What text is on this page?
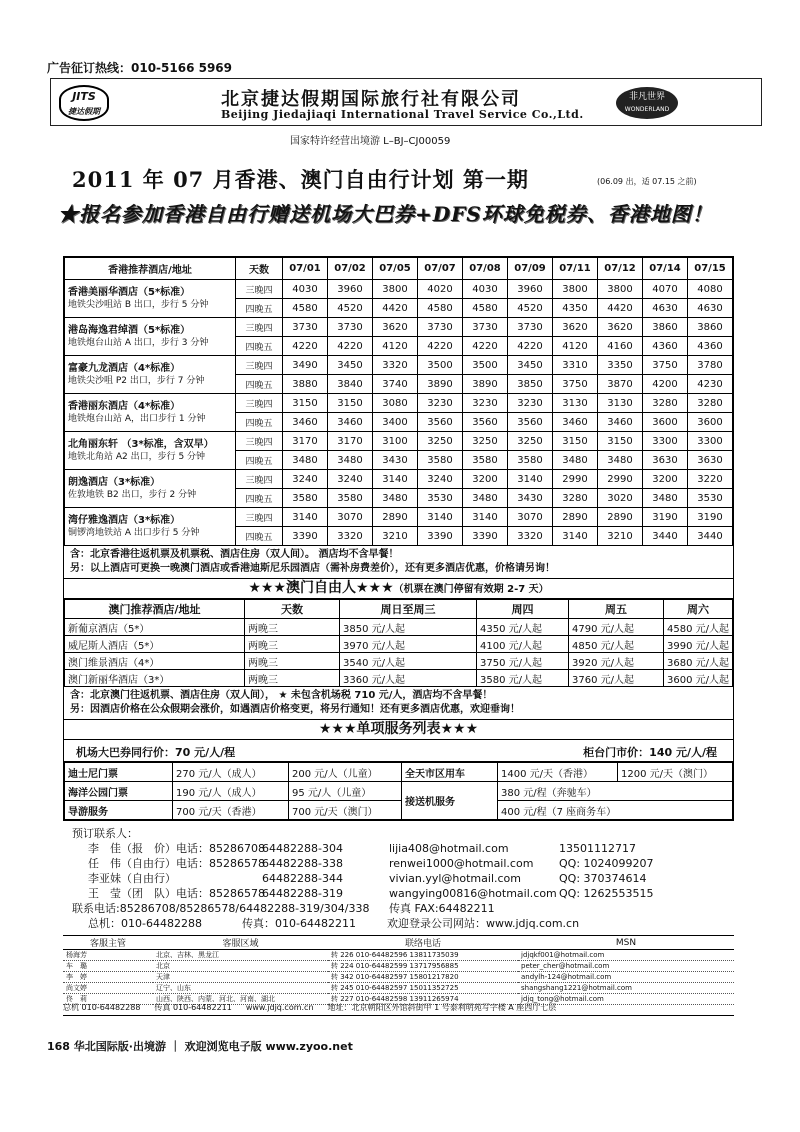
广告征订热线：010-5166 5969
JITS
捷达假期
北京捷达假期国际旅行社有限公司
Beijing Jiedajiaqi International Travel Service Co.,Ltd.
非凡世界
WONDERLAND
国家特许经营出境游 L–BJ–CJ00059
2011 年 07 月香港、澳门自由行计划 第一期	(06.09 出，适 07.15 之前)
★报名参加香港自由行赠送机场大巴券+DFS环球免税券、香港地图！
香港推荐酒店/地址	天数	07/01	07/02	07/05	07/07	07/08	07/09	07/11	07/12	07/14	07/15

香港美丽华酒店（5*标准）
地铁尖沙咀站 B 出口，步行 5 分钟	三晚四	4030	3960	3800	4020	4030	3960	3800	3800	4070	4080
	四晚五	4580	4520	4420	4580	4580	4520	4350	4420	4630	4630

港岛海逸君绰酒（5*标准）
地铁炮台山站 A 出口，步行 3 分钟	三晚四	3730	3730	3620	3730	3730	3730	3620	3620	3860	3860
	四晚五	4220	4220	4120	4220	4220	4220	4120	4160	4360	4360

富豪九龙酒店（4*标准）
地铁尖沙咀 P2 出口，步行 7 分钟	三晚四	3490	3450	3320	3500	3500	3450	3310	3350	3750	3780
	四晚五	3880	3840	3740	3890	3890	3850	3750	3870	4200	4230

香港丽东酒店（4*标准）
地铁炮台山站 A，出口步行 1 分钟	三晚四	3150	3150	3080	3230	3230	3230	3130	3130	3280	3280
	四晚五	3460	3460	3400	3560	3560	3560	3460	3460	3600	3600

北角丽东轩 （3*标准，含双早）
地铁北角站 A2 出口，步行 5 分钟	三晚四	3170	3170	3100	3250	3250	3250	3150	3150	3300	3300
	四晚五	3480	3480	3430	3580	3580	3580	3480	3480	3630	3630

朗逸酒店（3*标准）
佐敦地铁 B2 出口，步行 2 分钟	三晚四	3240	3240	3140	3240	3200	3140	2990	2990	3200	3220
	四晚五	3580	3580	3480	3530	3480	3430	3280	3020	3480	3530

湾仔雅逸酒店（3*标准）
铜锣湾地铁站 A 出口步行 5 分钟	三晚四	3140	3070	2890	3140	3140	3070	2890	2890	3190	3190
	四晚五	3390	3320	3210	3390	3390	3320	3140	3210	3440	3440
含：北京香港往返机票及机票税、酒店住房（双人间）。 酒店均不含早餐！
另：以上酒店可更换一晚澳门酒店或香港迪斯尼乐园酒店（需补房费差价），还有更多酒店优惠，价格请另询！
★★★澳门自由人★★★（机票在澳门停留有效期 2-7 天）
澳门推荐酒店/地址	天数	周日至周三	周四	周五	周六
新葡京酒店（5*）	两晚三	3850 元/人起	4350 元/人起	4790 元/人起	4580 元/人起
威尼斯人酒店（5*）	两晚三	3970 元/人起	4100 元/人起	4850 元/人起	3990 元/人起
澳门维景酒店（4*）	两晚三	3540 元/人起	3750 元/人起	3920 元/人起	3680 元/人起
澳门新丽华酒店（3*）	两晚三	3360 元/人起	3580 元/人起	3760 元/人起	3600 元/人起
含：北京澳门往返机票、酒店住房（双人间）， ★ 未包含机场税 710 元/人，酒店均不含早餐！
另：因酒店价格在公众假期会涨价，如遇酒店价格变更，将另行通知！还有更多酒店优惠，欢迎垂询！
★★★单项服务列表★★★
机场大巴券同行价：70 元/人/程	柜台门市价：140 元/人/程
迪士尼门票	270 元/人（成人）	200 元/人（儿童）	全天市区用车	1400 元/天（香港）	1200 元/天（澳门）
海洋公园门票	190 元/人（成人）	95 元/人（儿童）	接送机服务	380 元/程（奔驰车）	
导游服务	700 元/天（香港）	700 元/天（澳门）		400 元/程（7 座商务车）	
预订联系人：
李　佳（报　价）电话：8528670864482288-304	lijia408@hotmail.com	13501112717
任　伟（自由行）电话：8528657864482288-338	renwei1000@hotmail.com QQ: 1024099207
李亚妹（自由行）	64482288-344	vivian.yyl@hotmail.com	QQ: 370374614
王　莹（团　队）电话：8528657864482288-319	wangying00816@hotmail.com QQ: 1262553515
联系电话:85286708/85286578/64482288-319/304/338 传真 FAX:64482211
总机：010-64482288	传真：010-64482211	欢迎登录公司网站：www.jdjq.com.cn
客服主管	客服区域	联络电话	MSN
杨海芳	北京、吉林、黑龙江	转 226 010-64482596 13811735039	jdjqkf001@hotmail.com
车　璐	北京	转 224 010-64482599 13717956885	peter_cher@hotmail.com
李　婷	天津	转 342 010-64482597 15801217820	andylh-124@hotmail.com
尚文婷	辽宁、山东	转 245 010-64482597 15011352725	shangshang1221@hotmail.com
佟　莉	山西、陕西、内蒙、河北、河南、湖北	转 227 010-64482598 13911265974	jdjq_tong@hotmail.com
总机 010-64482288 传真 010-64482211 www.jdjq.com.cn 地址：北京朝阳区外馆斜街甲 1 号泰利明苑写字楼 A 座西厅七层
168 华北国际版·出境游 ｜ 欢迎浏览电子版 www.zyoo.net
